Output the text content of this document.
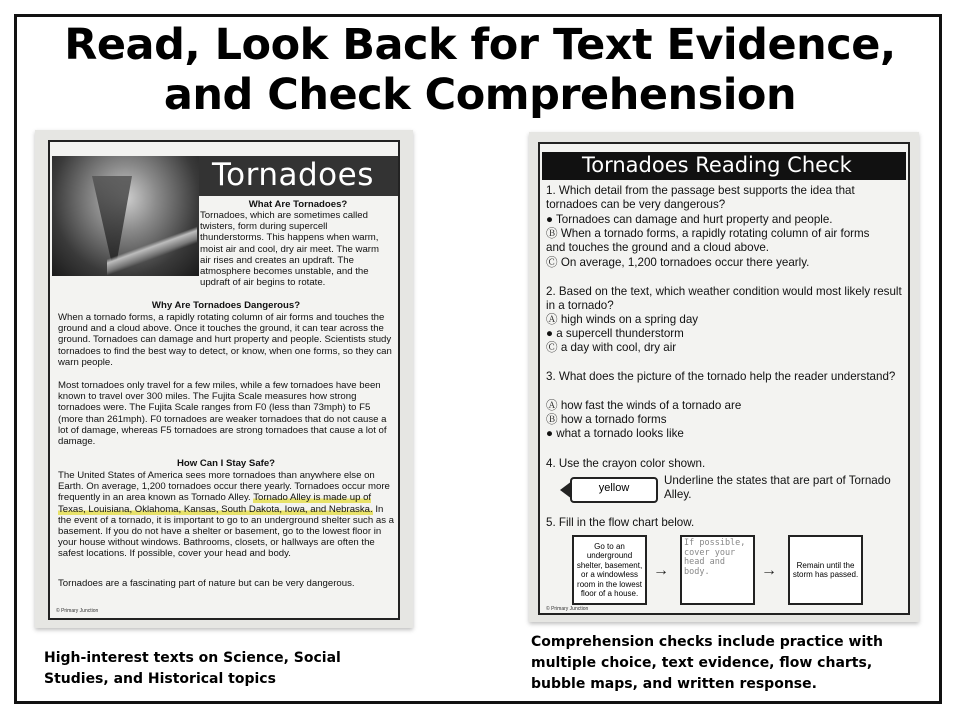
Read, Look Back for Text Evidence,
and Check Comprehension
Tornadoes
What Are Tornadoes?
Tornadoes, which are sometimes called twisters, form during supercell thunderstorms. This happens when warm, moist air and cool, dry air meet. The warm air rises and creates an updraft. The atmosphere becomes unstable, and the updraft of air begins to rotate.
Why Are Tornadoes Dangerous?
When a tornado forms, a rapidly rotating column of air forms and touches the ground and a cloud above. Once it touches the ground, it can tear across the ground. Tornadoes can damage and hurt property and people. Scientists study tornadoes to find the best way to detect, or know, when one forms, so they can warn people.
Most tornadoes only travel for a few miles, while a few tornadoes have been known to travel over 300 miles. The Fujita Scale measures how strong tornadoes were. The Fujita Scale ranges from F0 (less than 73mph) to F5 (more than 261mph). F0 tornadoes are weaker tornadoes that do not cause a lot of damage, whereas F5 tornadoes are strong tornadoes that cause a lot of damage.
How Can I Stay Safe?
The United States of America sees more tornadoes than anywhere else on Earth. On average, 1,200 tornadoes occur there yearly. Tornadoes occur more frequently in an area known as Tornado Alley. Tornado Alley is made up of Texas, Louisiana, Oklahoma, Kansas, South Dakota, Iowa, and Nebraska. In the event of a tornado, it is important to go to an underground shelter such as a basement. If you do not have a shelter or basement, go to the lowest floor in your house without windows. Bathrooms, closets, or hallways are often the safest locations. If possible, cover your head and body.
Tornadoes are a fascinating part of nature but can be very dangerous.
© Primary Junction
Tornadoes Reading Check
1. Which detail from the passage best supports the idea that tornadoes can be very dangerous?
● Tornadoes can damage and hurt property and people.
Ⓑ When a tornado forms, a rapidly rotating column of air forms and touches the ground and a cloud above.
Ⓒ On average, 1,200 tornadoes occur there yearly.
2. Based on the text, which weather condition would most likely result in a tornado?
Ⓐ high winds on a spring day
● a supercell thunderstorm
Ⓒ a day with cool, dry air
3. What does the picture of the tornado help the reader understand?
Ⓐ how fast the winds of a tornado are
Ⓑ how a tornado forms
● what a tornado looks like
4. Use the crayon color shown.
yellow
Underline the states that are part of Tornado Alley.
5. Fill in the flow chart below.
Go to an underground shelter, basement, or a windowless room in the lowest floor of a house.
→
If possible, cover your head and body.	→	Remain until the storm has passed.
© Primary Junction
High-interest texts on Science, Social Studies, and Historical topics
Comprehension checks include practice with multiple choice, text evidence, flow charts, bubble maps, and written response.
